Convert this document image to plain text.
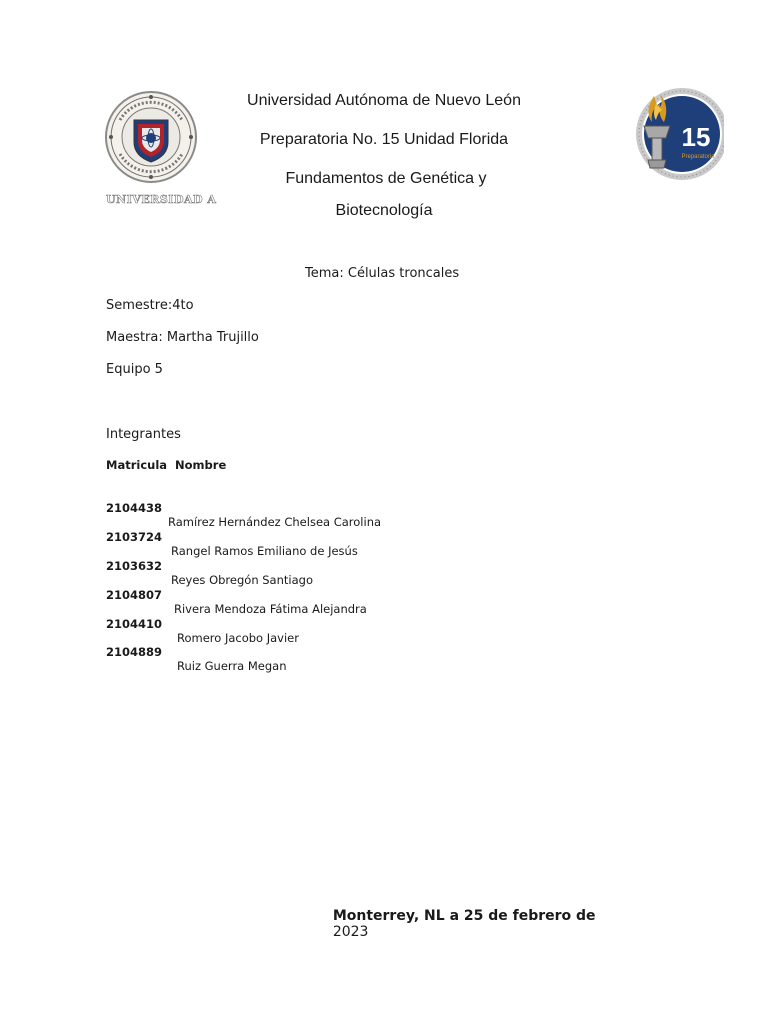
UNIVERSIDAD A
15
Preparatoria
Universidad Autónoma de Nuevo León
Preparatoria No. 15 Unidad Florida
Fundamentos de Genética y
Biotecnología
Tema: Células troncales
Semestre:4to
Maestra: Martha Trujillo
Equipo 5
Integrantes
Matricula  Nombre

2104438

Ramírez Hernández Chelsea Carolina

2103724

Rangel Ramos Emiliano de Jesús

2103632

Reyes Obregón Santiago

2104807

Rivera Mendoza Fátima Alejandra

2104410

Romero Jacobo Javier

2104889

Ruiz Guerra Megan

Monterrey, NL a 25 de febrero de
2023
